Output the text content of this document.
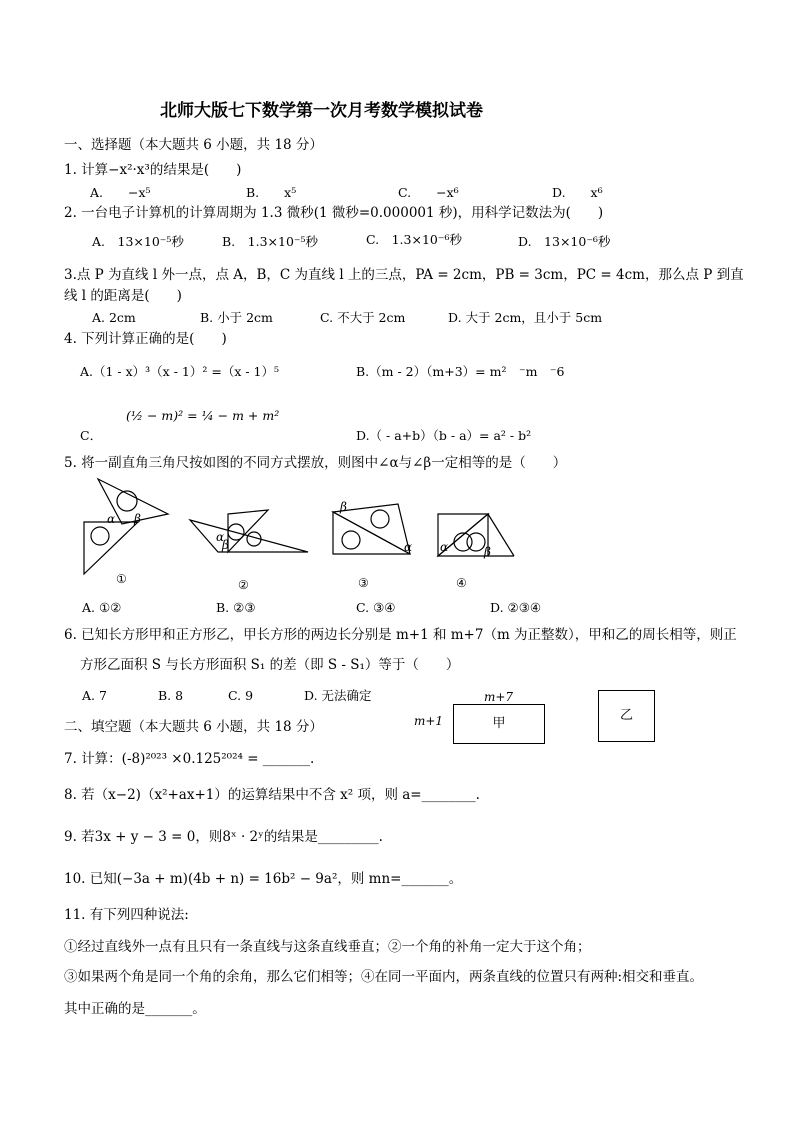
北师大版七下数学第一次月考数学模拟试卷
一、选择题（本大题共 6 小题，共 18 分）
1. 计算−x²·x³的结果是(　　)
A.　　−x⁵	B.　　x⁵	C.　　−x⁶	D.　　x⁶
2. 一台电子计算机的计算周期为 1.3 微秒(1 微秒=0.000001 秒)，用科学记数法为(　　)
A.　13×10⁻⁵秒	B.　1.3×10⁻⁵秒	C.　1.3×10⁻⁶秒	D.　13×10⁻⁶秒
3.点 P 为直线 l 外一点，点 A，B，C 为直线 l 上的三点，PA = 2cm，PB = 3cm，PC = 4cm，那么点 P 到直
线 l 的距离是(　　)
A. 2cm	B. 小于 2cm	C. 不大于 2cm	D. 大于 2cm，且小于 5cm
4. 下列计算正确的是(　　)
A.（1 - x）³（x - 1）² =（x - 1）⁵	B.（m - 2）（m+3）= m²　⁻m　⁻6
C．
(½ − m)² = ¼ − m + m²
D.（ - a+b）（b - a）= a² - b²
5. 将一副直角三角尺按如图的不同方式摆放，则图中∠α与∠β一定相等的是（　　）
α β
β
α
β
α α	β
①	②	③	④
A. ①②	B. ②③	C. ③④	D. ②③④
6. 已知长方形甲和正方形乙，甲长方形的两边长分别是 m+1 和 m+7（m 为正整数），甲和乙的周长相等，则正
方形乙面积 S 与长方形面积 S₁ 的差（即 S - S₁）等于（　　）
A. 7	B. 8	C. 9	D. 无法确定	m+7
m+1	甲
乙
二、填空题（本大题共 6 小题，共 18 分）
7. 计算：(-8)²⁰²³ ×0.125²⁰²⁴ = _______.
8. 若（x−2)（x²+ax+1）的运算结果中不含 x² 项，则 a=________.
9. 若3x + y − 3 = 0，则8ˣ · 2ʸ的结果是_________.
10. 已知(−3a + m)(4b + n) = 16b² − 9a²，则 mn=_______。
11. 有下列四种说法:
①经过直线外一点有且只有一条直线与这条直线垂直；②一个角的补角一定大于这个角；
③如果两个角是同一个角的余角，那么它们相等；④在同一平面内，两条直线的位置只有两种:相交和垂直。
其中正确的是_______。
